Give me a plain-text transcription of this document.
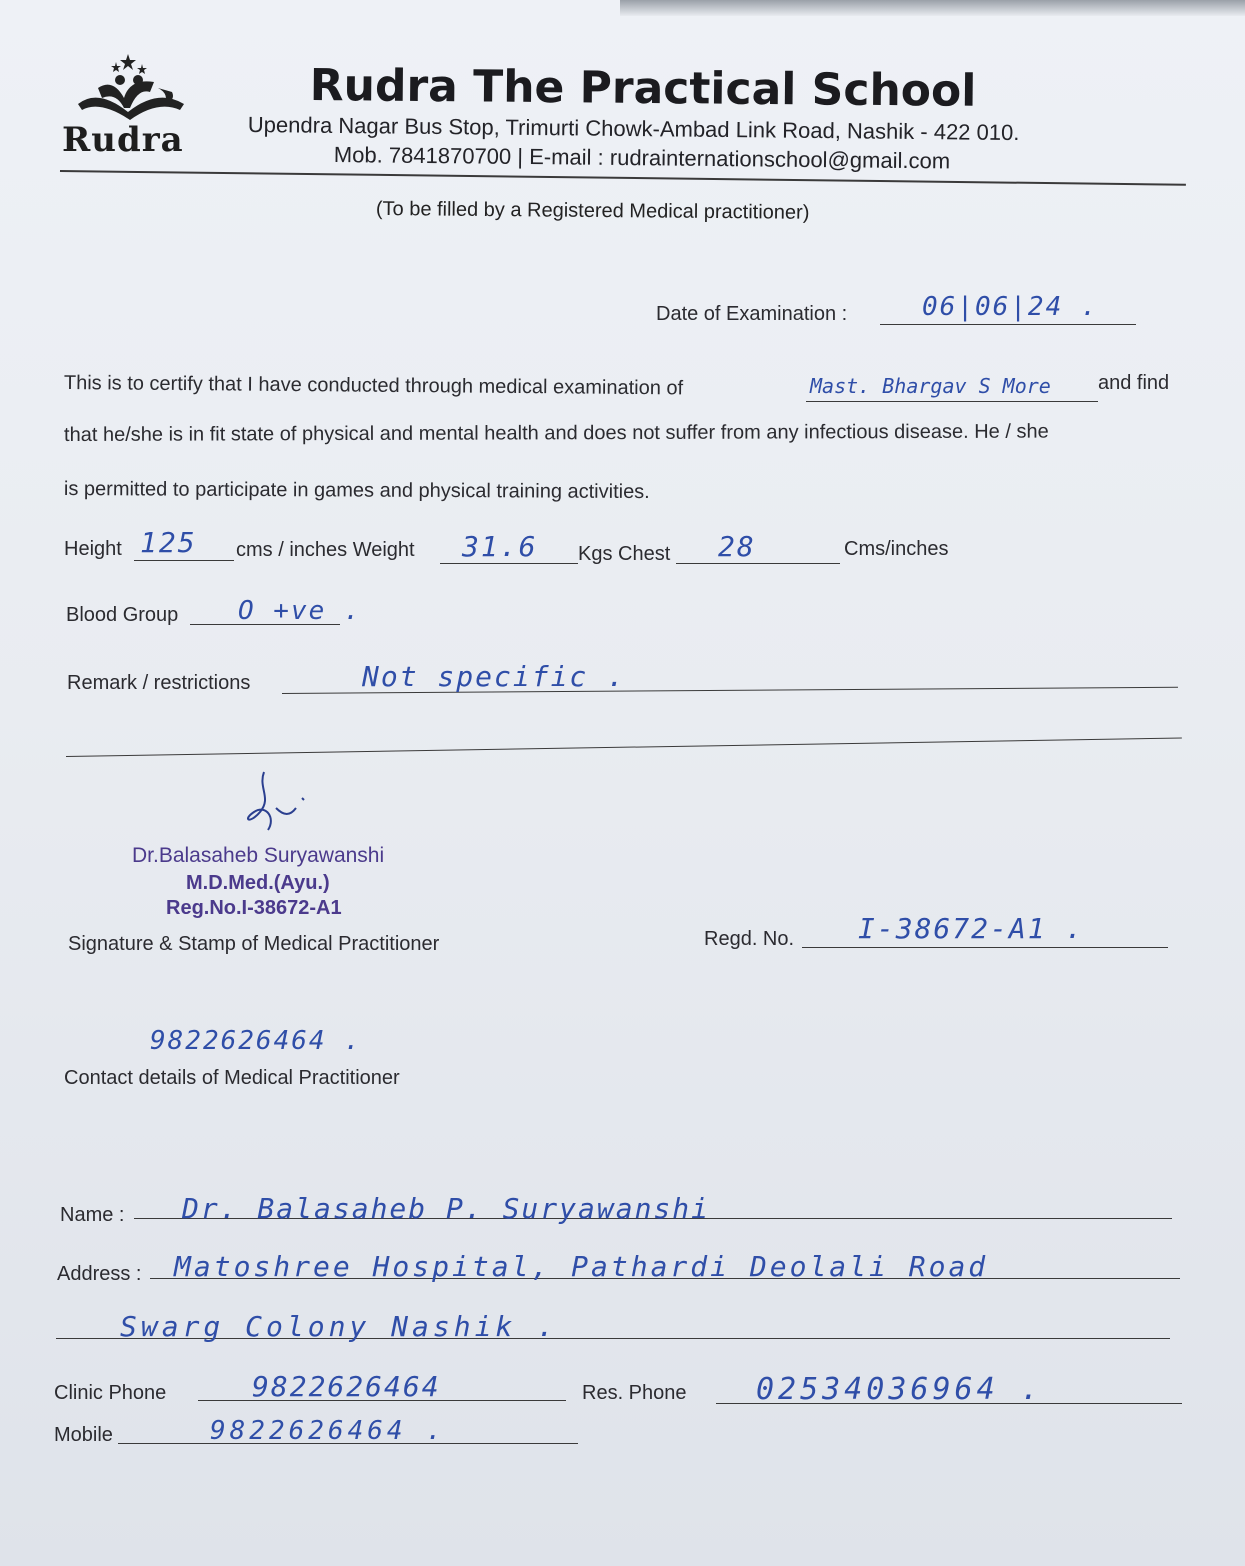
Rudra
Rudra The Practical School
Upendra Nagar Bus Stop, Trimurti Chowk-Ambad Link Road, Nashik - 422 010.
Mob. 7841870700 | E-mail : rudrainternationschool@gmail.com
(To be filled by a Registered Medical practitioner)
Date of Examination :	06|06|24 .
This is to certify that I have conducted through medical examination of	Mast. Bhargav S More and find
that he/she is in fit state of physical and mental health and does not suffer from any infectious disease. He / she
is permitted to participate in games and physical training activities.
Height 125 cms / inches Weight 31.6 Kgs Chest 28	Cms/inches
Blood Group O +ve .
Remark / restrictions	Not specific .
Dr.Balasaheb Suryawanshi
M.D.Med.(Ayu.)
Reg.No.I-38672-A1
Signature & Stamp of Medical Practitioner	Regd. No. I-38672-A1 .
9822626464 .
Contact details of Medical Practitioner
Name : Dr. Balasaheb P. Suryawanshi
Address : Matoshree Hospital, Pathardi Deolali Road
Swarg Colony Nashik .
Clinic Phone	9822626464	Res. Phone 02534036964 .
Mobile	9822626464 .
